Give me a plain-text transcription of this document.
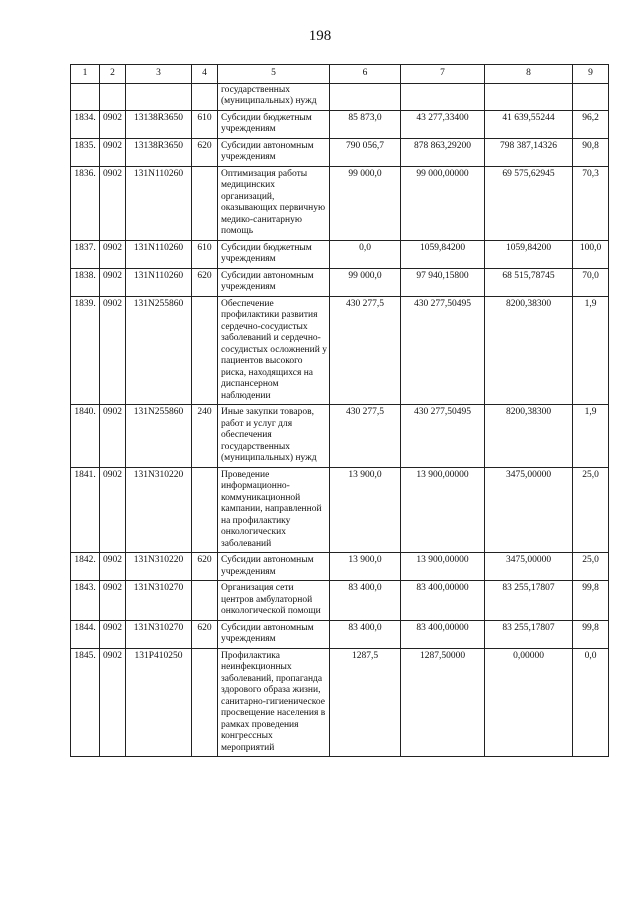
198
1	2	3	4	5	6	7	8	9
				государственных (муниципальных) нужд				
1834.	0902	13138R3650	610	Субсидии бюджетным учреждениям	85 873,0	43 277,33400	41 639,55244	96,2
1835.	0902	13138R3650	620	Субсидии автономным учреждениям	790 056,7	878 863,29200	798 387,14326	90,8
1836.	0902	131N110260		Оптимизация работы медицинских организаций, оказывающих первичную медико-санитарную помощь	99 000,0	99 000,00000	69 575,62945	70,3
1837.	0902	131N110260	610	Субсидии бюджетным учреждениям	0,0	1059,84200	1059,84200	100,0
1838.	0902	131N110260	620	Субсидии автономным учреждениям	99 000,0	97 940,15800	68 515,78745	70,0
1839.	0902	131N255860		Обеспечение профилактики развития сердечно-сосудистых заболеваний и сердечно-сосудистых осложнений у пациентов высокого риска, находящихся на диспансерном наблюдении	430 277,5	430 277,50495	8200,38300	1,9
1840.	0902	131N255860	240	Иные закупки товаров, работ и услуг для обеспечения государственных (муниципальных) нужд	430 277,5	430 277,50495	8200,38300	1,9
1841.	0902	131N310220		Проведение информационно-коммуникационной кампании, направленной на профилактику онкологических заболеваний	13 900,0	13 900,00000	3475,00000	25,0
1842.	0902	131N310220	620	Субсидии автономным учреждениям	13 900,0	13 900,00000	3475,00000	25,0
1843.	0902	131N310270		Организация сети центров амбулаторной онкологической помощи	83 400,0	83 400,00000	83 255,17807	99,8
1844.	0902	131N310270	620	Субсидии автономным учреждениям	83 400,0	83 400,00000	83 255,17807	99,8
1845.	0902	131P410250		Профилактика неинфекционных заболеваний, пропаганда здорового образа жизни, санитарно-гигиеническое просвещение населения в рамках проведения конгрессных мероприятий	1287,5	1287,50000	0,00000	0,0
